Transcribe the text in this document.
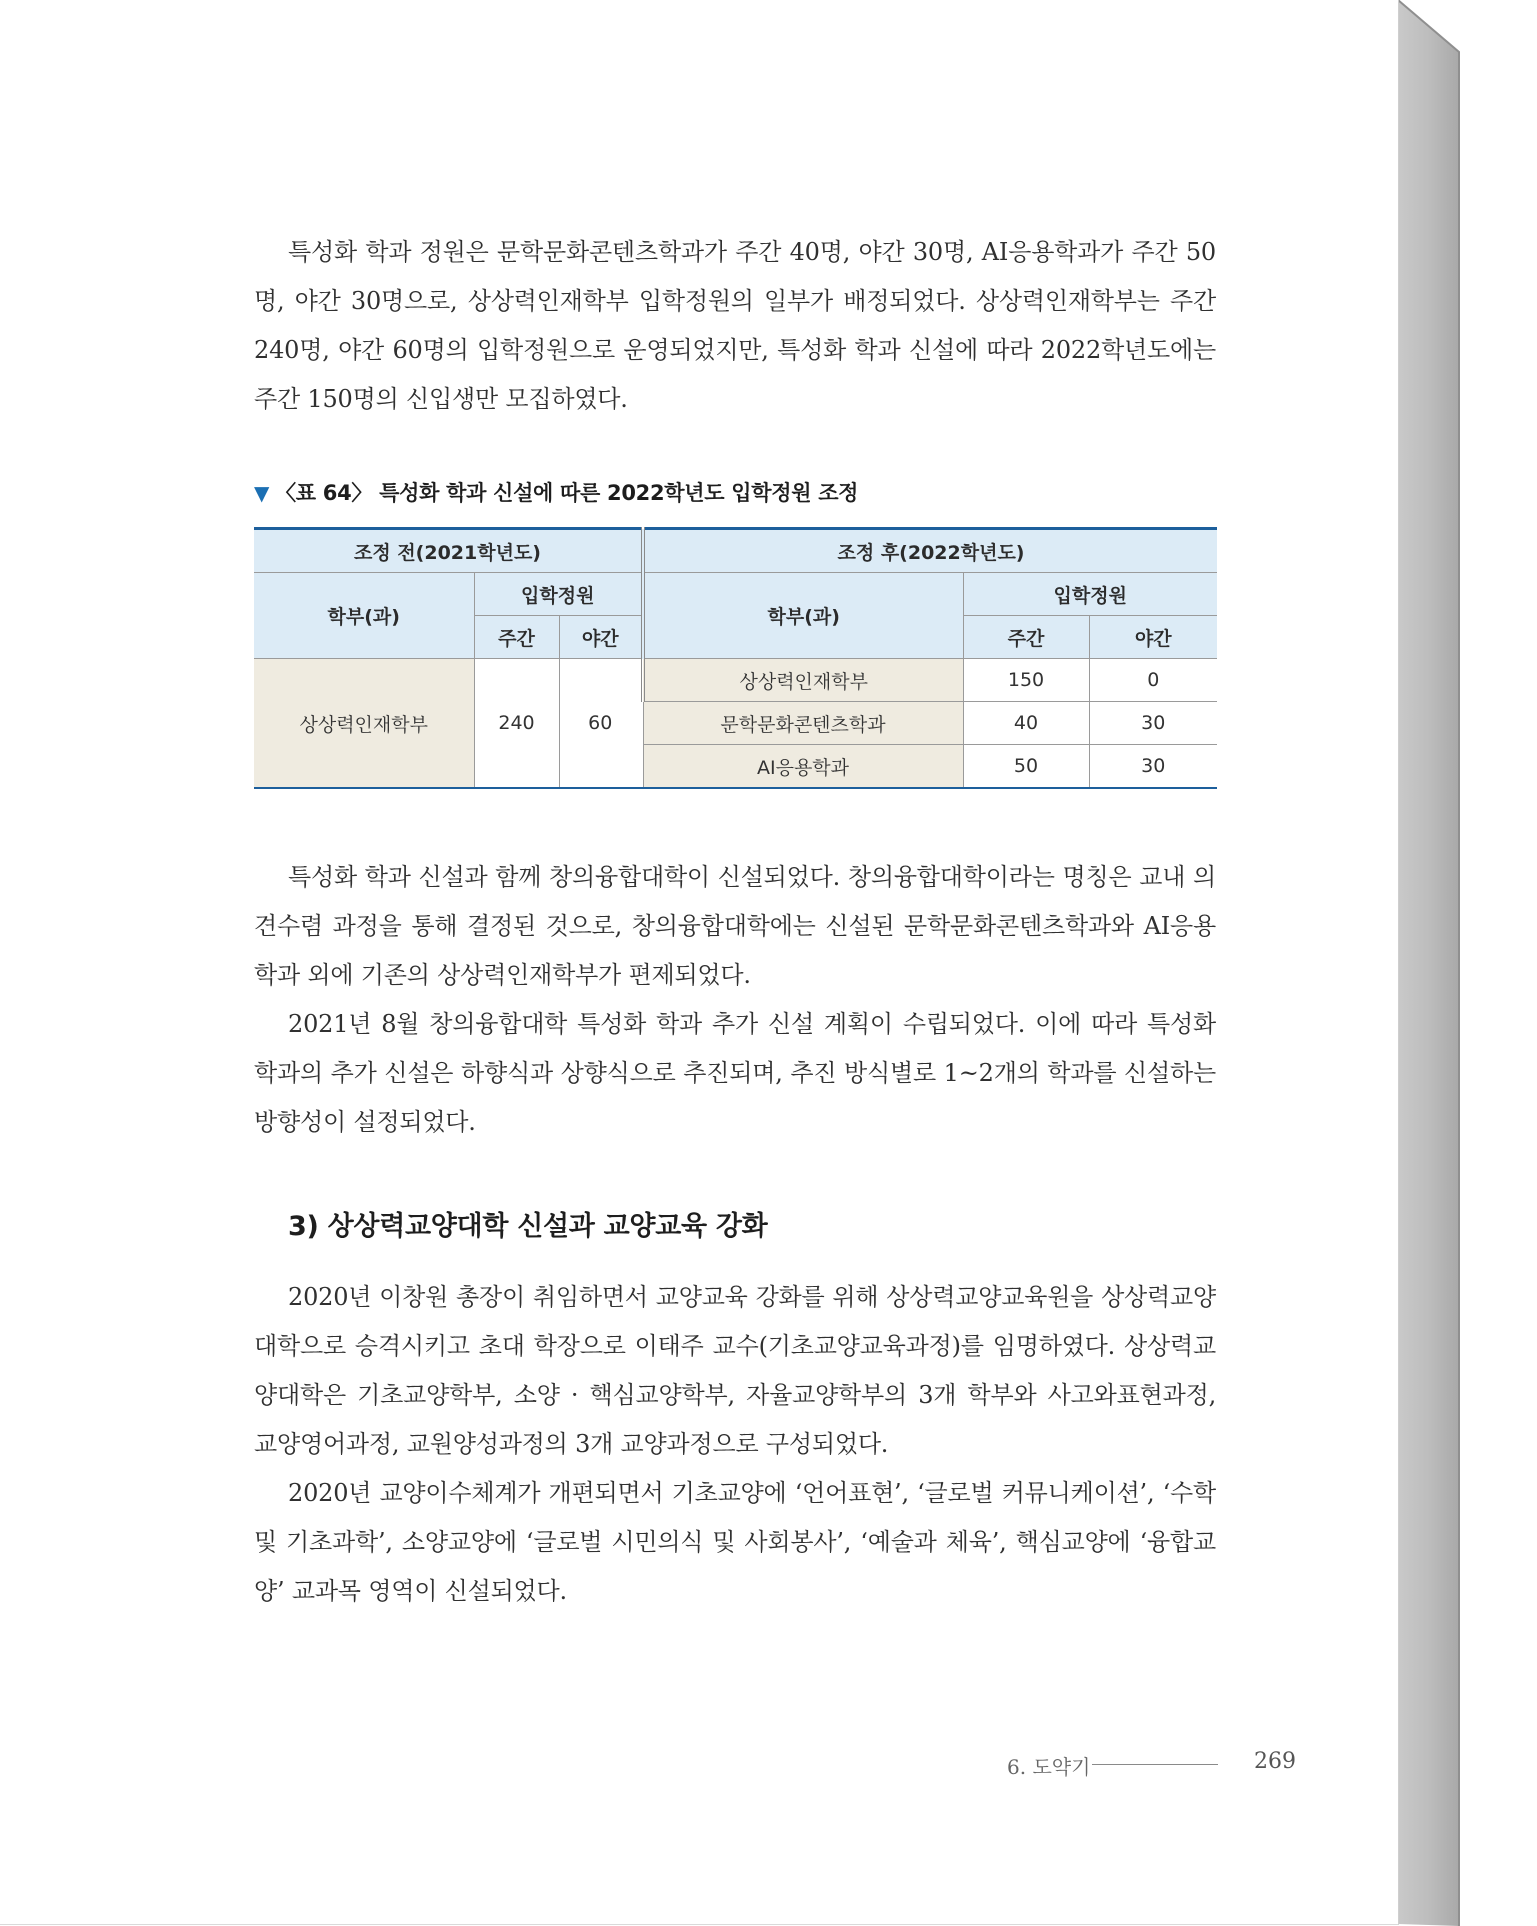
특성화 학과 정원은 문학문화콘텐츠학과가 주간 40명, 야간 30명, AI응용학과가 주간 50명, 야간 30명으로, 상상력인재학부 입학정원의 일부가 배정되었다. 상상력인재학부는 주간 240명, 야간 60명의 입학정원으로 운영되었지만, 특성화 학과 신설에 따라 2022학년도에는 주간 150명의 신입생만 모집하였다.

▼ 〈표 64〉 특성화 학과 신설에 따른 2022학년도 입학정원 조정
조정 전(2021학년도)			조정 후(2022학년도)		
학부(과)	입학정원		학부(과)	입학정원	
	주간	야간		주간	야간
상상력인재학부	240	60	상상력인재학부	150	0
			문학문화콘텐츠학과	40	30
			AI응용학과	50	30

특성화 학과 신설과 함께 창의융합대학이 신설되었다. 창의융합대학이라는 명칭은 교내 의견수렴 과정을 통해 결정된 것으로, 창의융합대학에는 신설된 문학문화콘텐츠학과와 AI응용학과 외에 기존의 상상력인재학부가 편제되었다.

2021년 8월 창의융합대학 특성화 학과 추가 신설 계획이 수립되었다. 이에 따라 특성화 학과의 추가 신설은 하향식과 상향식으로 추진되며, 추진 방식별로 1~2개의 학과를 신설하는 방향성이 설정되었다.

3) 상상력교양대학 신설과 교양교육 강화

2020년 이창원 총장이 취임하면서 교양교육 강화를 위해 상상력교양교육원을 상상력교양대학으로 승격시키고 초대 학장으로 이태주 교수(기초교양교육과정)를 임명하였다. 상상력교양대학은 기초교양학부, 소양 · 핵심교양학부, 자율교양학부의 3개 학부와 사고와표현과정, 교양영어과정, 교원양성과정의 3개 교양과정으로 구성되었다.

2020년 교양이수체계가 개편되면서 기초교양에 ‘언어표현’, ‘글로벌 커뮤니케이션’, ‘수학 및 기초과학’, 소양교양에 ‘글로벌 시민의식 및 사회봉사’, ‘예술과 체육’, 핵심교양에 ‘융합교양’ 교과목 영역이 신설되었다.

6. 도약기	269
